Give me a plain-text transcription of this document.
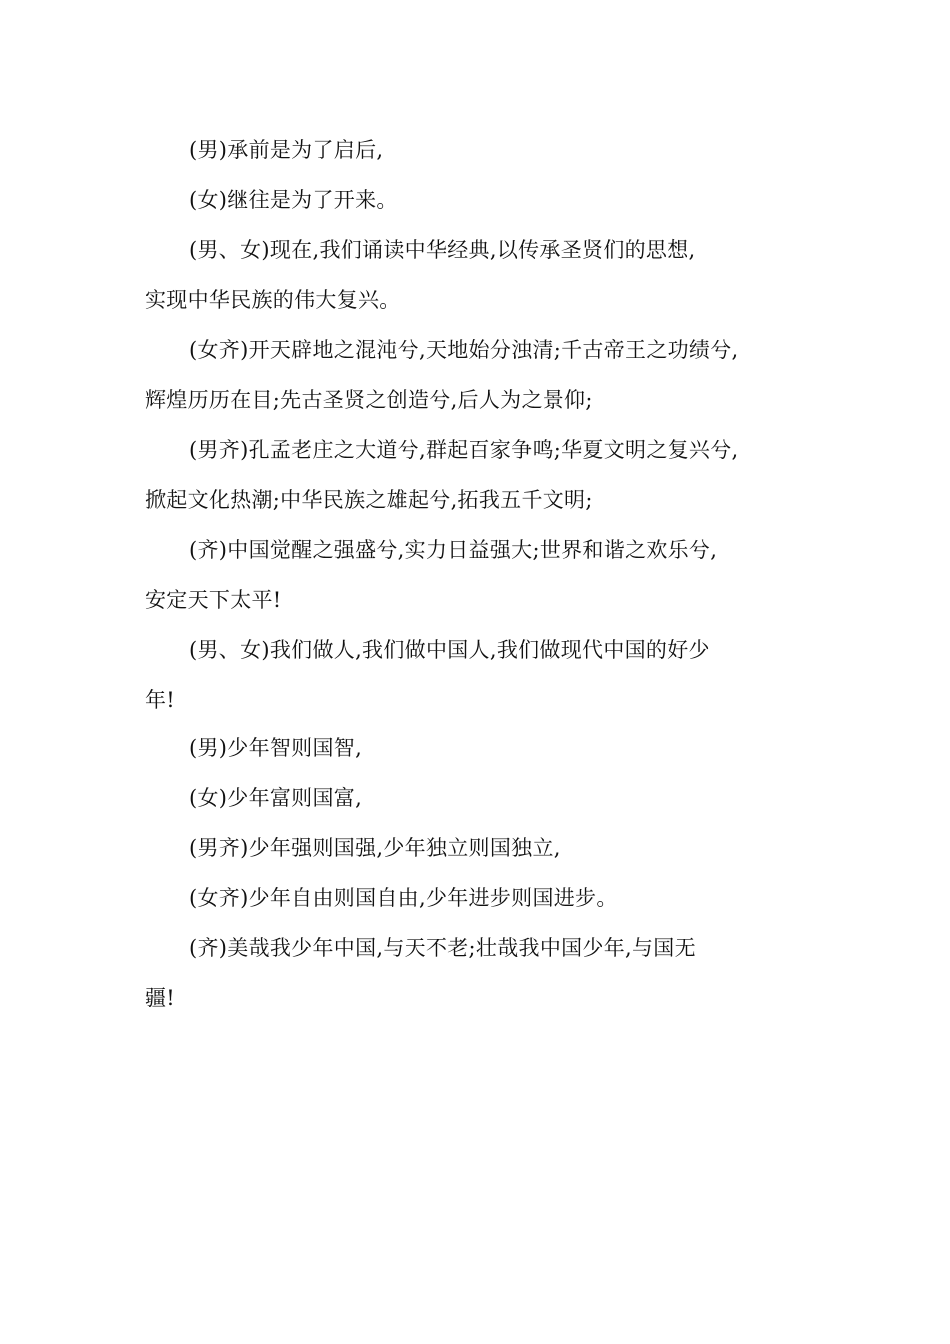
(男)承前是为了启后,

(女)继往是为了开来。

(男、女)现在,我们诵读中华经典,以传承圣贤们的思想,
实现中华民族的伟大复兴。
(女齐)开天辟地之混沌兮,天地始分浊清;千古帝王之功绩兮,
辉煌历历在目;先古圣贤之创造兮,后人为之景仰;
(男齐)孔孟老庄之大道兮,群起百家争鸣;华夏文明之复兴兮,
掀起文化热潮;中华民族之雄起兮,拓我五千文明;
(齐)中国觉醒之强盛兮,实力日益强大;世界和谐之欢乐兮,
安定天下太平!
(男、女)我们做人,我们做中国人,我们做现代中国的好少
年!

(男)少年智则国智,

(女)少年富则国富,

(男齐)少年强则国强,少年独立则国独立,

(女齐)少年自由则国自由,少年进步则国进步。

(齐)美哉我少年中国,与天不老;壮哉我中国少年,与国无
疆!
